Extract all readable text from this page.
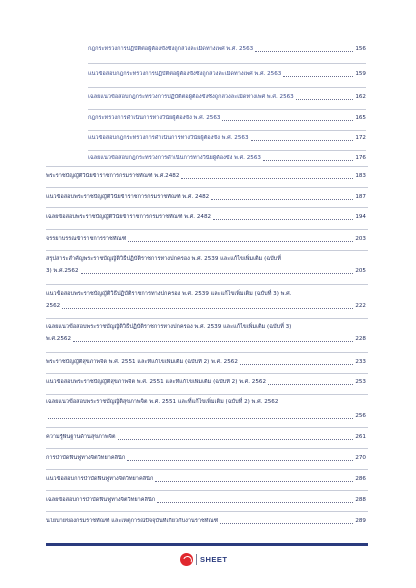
กฎกระทรวงการปฏิบัติต่อผู้ต้องขังซึ่งถูกล่วงละเมิดทางเพศ พ.ศ. 2563	156
แนวข้อสอบกฎกระทรวงการปฏิบัติต่อผู้ต้องขังซึ่งถูกล่วงละเมิดทางเพศ พ.ศ. 2563	159
เฉลยแนวข้อสอบกฎกระทรวงการปฏิบัติต่อผู้ต้องขังซึ่งถูกล่วงละเมิดทางเพศ พ.ศ. 2563	162
กฎกระทรวงการดำเนินการทางวินัยผู้ต้องขัง พ.ศ. 2563	165
แนวข้อสอบกฎกระทรวงการดำเนินการทางวินัยผู้ต้องขัง พ.ศ. 2563	172
เฉลยแนวข้อสอบกฎกระทรวงการดำเนินการทางวินัยผู้ต้องขัง พ.ศ. 2563	176
พระราชบัญญัติวินัยข้าราชการกรมราชทัณฑ์ พ.ศ.2482	183
แนวข้อสอบพระราชบัญญัติวินัยข้าราชการกรมราชทัณฑ์ พ.ศ. 2482	187
เฉลยข้อสอบพระราชบัญญัติวินัยข้าราชการกรมราชทัณฑ์ พ.ศ. 2482	194
จรรยาบรรณข้าราชการราชทัณฑ์	203
สรุปสาระสำคัญพระราชบัญญัติวิธีปฏิบัติราชการทางปกครอง พ.ศ. 2539 และแก้ไขเพิ่มเติม (ฉบับที่
3) พ.ศ.2562	205
แนวข้อสอบพระราชบัญญัติวิธีปฏิบัติราชการทางปกครอง พ.ศ. 2539 และแก้ไขเพิ่มเติม (ฉบับที่ 3) พ.ศ.
2562	222
เฉลยแนวข้อสอบพระราชบัญญัติวิธีปฏิบัติราชการทางปกครอง พ.ศ. 2539 และแก้ไขเพิ่มเติม (ฉบับที่ 3)
พ.ศ.2562	228
พระราชบัญญัติสุขภาพจิต พ.ศ. 2551 และที่แก้ไขเพิ่มเติม (ฉบับที่ 2) พ.ศ. 2562	233
แนวข้อสอบพระราชบัญญัติสุขภาพจิต พ.ศ. 2551 และที่แก้ไขเพิ่มเติม (ฉบับที่ 2) พ.ศ. 2562	253
เฉลยแนวข้อสอบพระราชบัญญัติสุขภาพจิต พ.ศ. 2551 และที่แก้ไขเพิ่มเติม (ฉบับที่ 2) พ.ศ. 2562
256
ความรู้พื้นฐานด้านสุขภาพจิต	261
การบำบัดฟื้นฟูทางจิตวิทยาคลินิก	270
แนวข้อสอบการบำบัดฟื้นฟูทางจิตวิทยาคลินิก	286
เฉลยข้อสอบการบำบัดฟื้นฟูทางจิตวิทยาคลินิก	288
นโยบายของกรมราชทัณฑ์ และเหตุการณ์ปัจจุบันที่เกี่ยวกับงานราชทัณฑ์	289
SHEET
